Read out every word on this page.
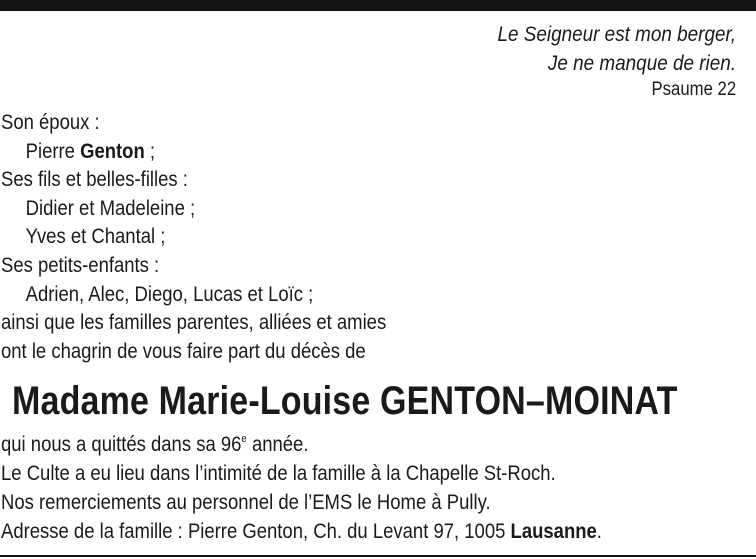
Le Seigneur est mon berger,
Je ne manque de rien.
Psaume 22
Son époux :
Pierre Genton ;
Ses fils et belles-filles :
Didier et Madeleine ;
Yves et Chantal ;
Ses petits-enfants :
Adrien, Alec, Diego, Lucas et Loïc ;
ainsi que les familles parentes, alliées et amies
ont le chagrin de vous faire part du décès de
Madame Marie-Louise GENTON–MOINAT
qui nous a quittés dans sa 96e année.
Le Culte a eu lieu dans l’intimité de la famille à la Chapelle St-Roch.
Nos remerciements au personnel de l’EMS le Home à Pully.
Adresse de la famille : Pierre Genton, Ch. du Levant 97, 1005 Lausanne.
